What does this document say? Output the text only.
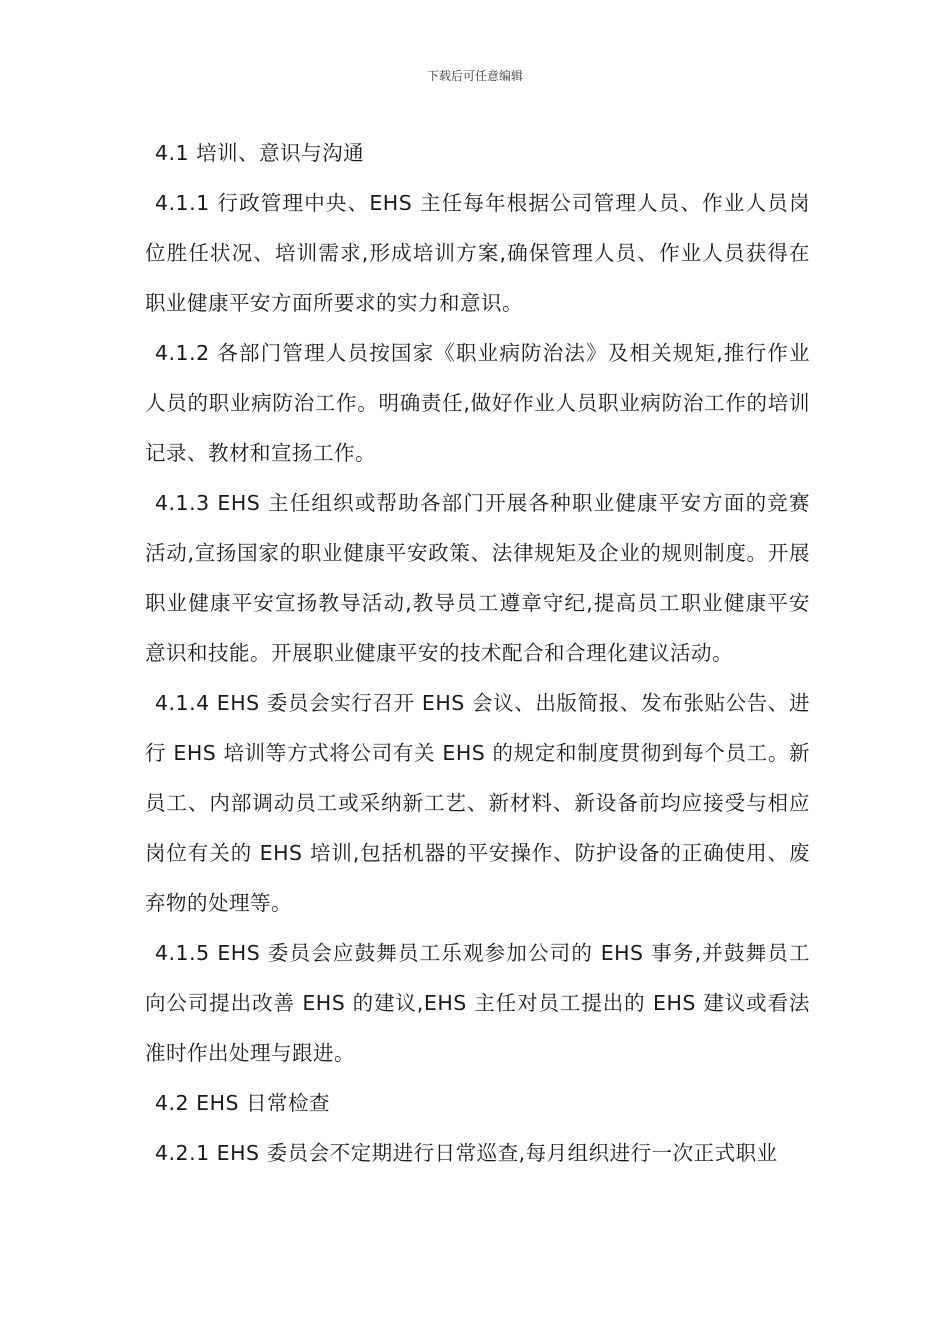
下载后可任意编辑

4.1 培训、意识与沟通

4.1.1 行政管理中央、EHS 主任每年根据公司管理人员、作业人员岗位胜任状况、培训需求,形成培训方案,确保管理人员、作业人员获得在职业健康平安方面所要求的实力和意识。

4.1.2 各部门管理人员按国家《职业病防治法》及相关规矩,推行作业人员的职业病防治工作。明确责任,做好作业人员职业病防治工作的培训记录、教材和宣扬工作。

4.1.3 EHS 主任组织或帮助各部门开展各种职业健康平安方面的竞赛活动,宣扬国家的职业健康平安政策、法律规矩及企业的规则制度。开展职业健康平安宣扬教导活动,教导员工遵章守纪,提高员工职业健康平安意识和技能。开展职业健康平安的技术配合和合理化建议活动。

4.1.4 EHS 委员会实行召开 EHS 会议、出版简报、发布张贴公告、进行 EHS 培训等方式将公司有关 EHS 的规定和制度贯彻到每个员工。新员工、内部调动员工或采纳新工艺、新材料、新设备前均应接受与相应岗位有关的 EHS 培训,包括机器的平安操作、防护设备的正确使用、废弃物的处理等。

4.1.5 EHS 委员会应鼓舞员工乐观参加公司的 EHS 事务,并鼓舞员工向公司提出改善 EHS 的建议,EHS 主任对员工提出的 EHS 建议或看法准时作出处理与跟进。

4.2 EHS 日常检查

4.2.1 EHS 委员会不定期进行日常巡查,每月组织进行一次正式职业
